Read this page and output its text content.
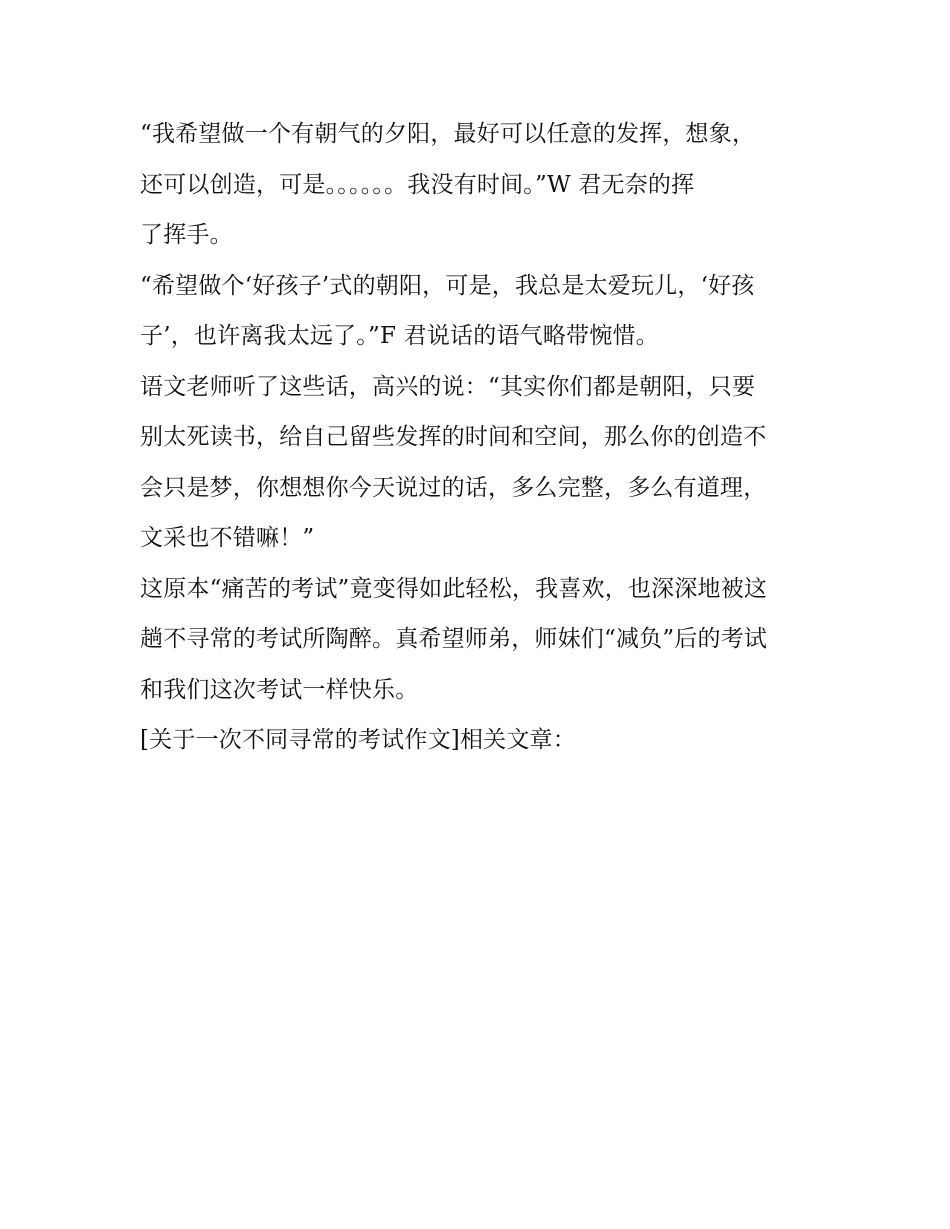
“我希望做一个有朝气的夕阳，最好可以任意的发挥，想象，
还可以创造，可是。。。。。。我没有时间。”W 君无奈的挥
了挥手。
“希望做个‘好孩子’式的朝阳，可是，我总是太爱玩儿，‘好孩
子’，也许离我太远了。”F 君说话的语气略带惋惜。
语文老师听了这些话，高兴的说：“其实你们都是朝阳，只要
别太死读书，给自己留些发挥的时间和空间，那么你的创造不
会只是梦，你想想你今天说过的话，多么完整，多么有道理，
文采也不错嘛！”
这原本“痛苦的考试”竟变得如此轻松，我喜欢，也深深地被这
趟不寻常的考试所陶醉。真希望师弟，师妹们“减负”后的考试
和我们这次考试一样快乐。
[关于一次不同寻常的考试作文]相关文章：
